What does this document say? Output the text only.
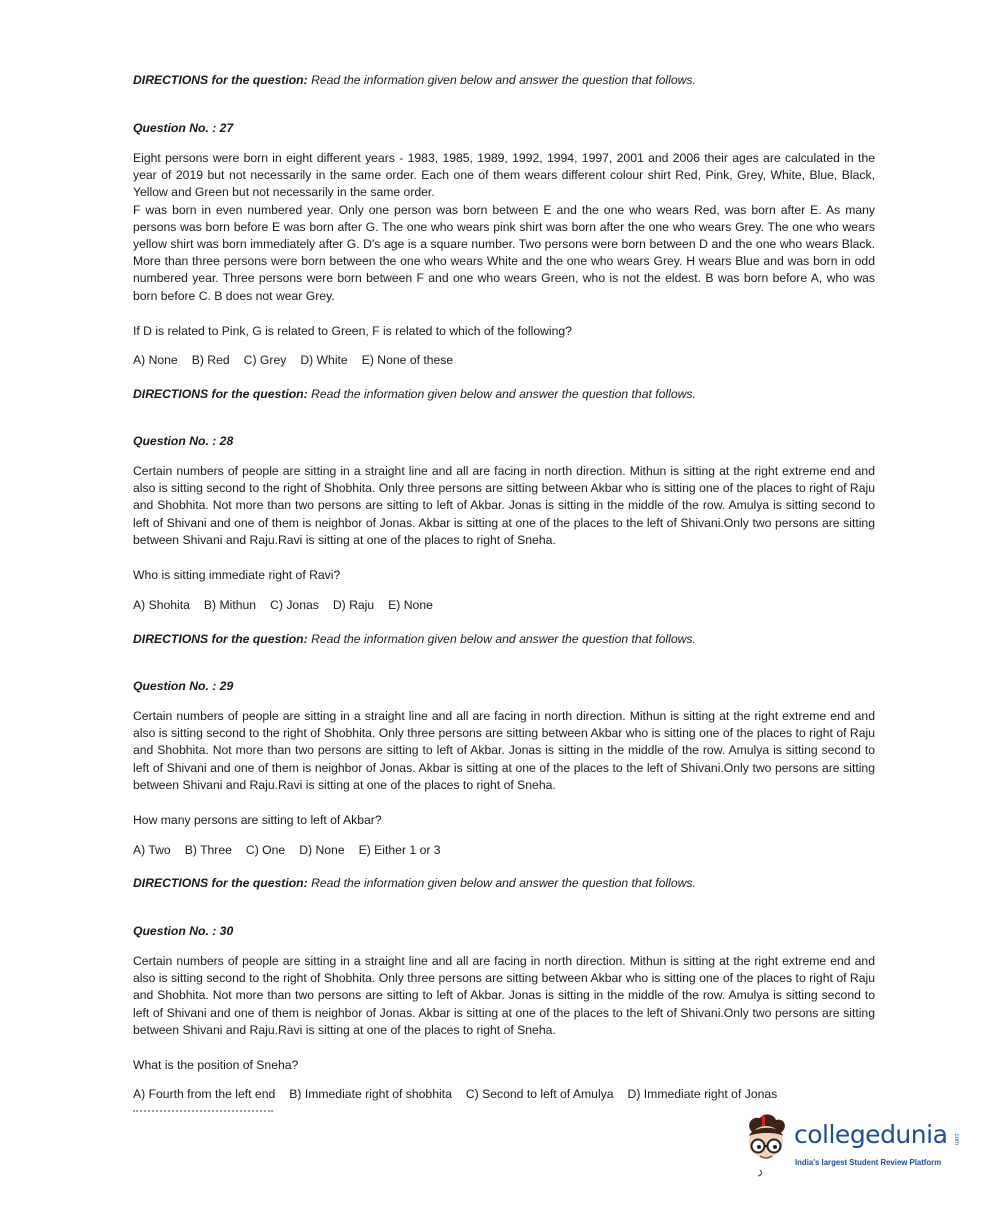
DIRECTIONS for the question: Read the information given below and answer the question that follows.
Question No. : 27

Eight persons were born in eight different years - 1983, 1985, 1989, 1992, 1994, 1997, 2001 and 2006 their ages are calculated in the year of 2019 but not necessarily in the same order. Each one of them wears different colour shirt Red, Pink, Grey, White, Blue, Black, Yellow and Green but not necessarily in the same order.

F was born in even numbered year. Only one person was born between E and the one who wears Red, was born after E. As many persons was born before E was born after G. The one who wears pink shirt was born after the one who wears Grey. The one who wears yellow shirt was born immediately after G. D's age is a square number. Two persons were born between D and the one who wears Black. More than three persons were born between the one who wears White and the one who wears Grey. H wears Blue and was born in odd numbered year. Three persons were born between F and one who wears Green, who is not the eldest. B was born before A, who was born before C. B does not wear Grey.

If D is related to Pink, G is related to Green, F is related to which of the following?
A) None B) Red C) Grey D) White E) None of these
DIRECTIONS for the question: Read the information given below and answer the question that follows.
Question No. : 28

Certain numbers of people are sitting in a straight line and all are facing in north direction. Mithun is sitting at the right extreme end and also is sitting second to the right of Shobhita. Only three persons are sitting between Akbar who is sitting one of the places to right of Raju and Shobhita. Not more than two persons are sitting to left of Akbar. Jonas is sitting in the middle of the row. Amulya is sitting second to left of Shivani and one of them is neighbor of Jonas. Akbar is sitting at one of the places to the left of Shivani.Only two persons are sitting between Shivani and Raju.Ravi is sitting at one of the places to right of Sneha.

Who is sitting immediate right of Ravi?
A) Shohita B) Mithun C) Jonas D) Raju E) None
DIRECTIONS for the question: Read the information given below and answer the question that follows.
Question No. : 29

Certain numbers of people are sitting in a straight line and all are facing in north direction. Mithun is sitting at the right extreme end and also is sitting second to the right of Shobhita. Only three persons are sitting between Akbar who is sitting one of the places to right of Raju and Shobhita. Not more than two persons are sitting to left of Akbar. Jonas is sitting in the middle of the row. Amulya is sitting second to left of Shivani and one of them is neighbor of Jonas. Akbar is sitting at one of the places to the left of Shivani.Only two persons are sitting between Shivani and Raju.Ravi is sitting at one of the places to right of Sneha.

How many persons are sitting to left of Akbar?
A) Two B) Three C) One D) None E) Either 1 or 3
DIRECTIONS for the question: Read the information given below and answer the question that follows.
Question No. : 30

Certain numbers of people are sitting in a straight line and all are facing in north direction. Mithun is sitting at the right extreme end and also is sitting second to the right of Shobhita. Only three persons are sitting between Akbar who is sitting one of the places to right of Raju and Shobhita. Not more than two persons are sitting to left of Akbar. Jonas is sitting in the middle of the row. Amulya is sitting second to left of Shivani and one of them is neighbor of Jonas. Akbar is sitting at one of the places to the left of Shivani.Only two persons are sitting between Shivani and Raju.Ravi is sitting at one of the places to right of Sneha.

What is the position of Sneha?
A) Fourth from the left end B) Immediate right of shobhita C) Second to left of Amulya D) Immediate right of Jonas
collegedunia .com
India's largest Student Review Platform
